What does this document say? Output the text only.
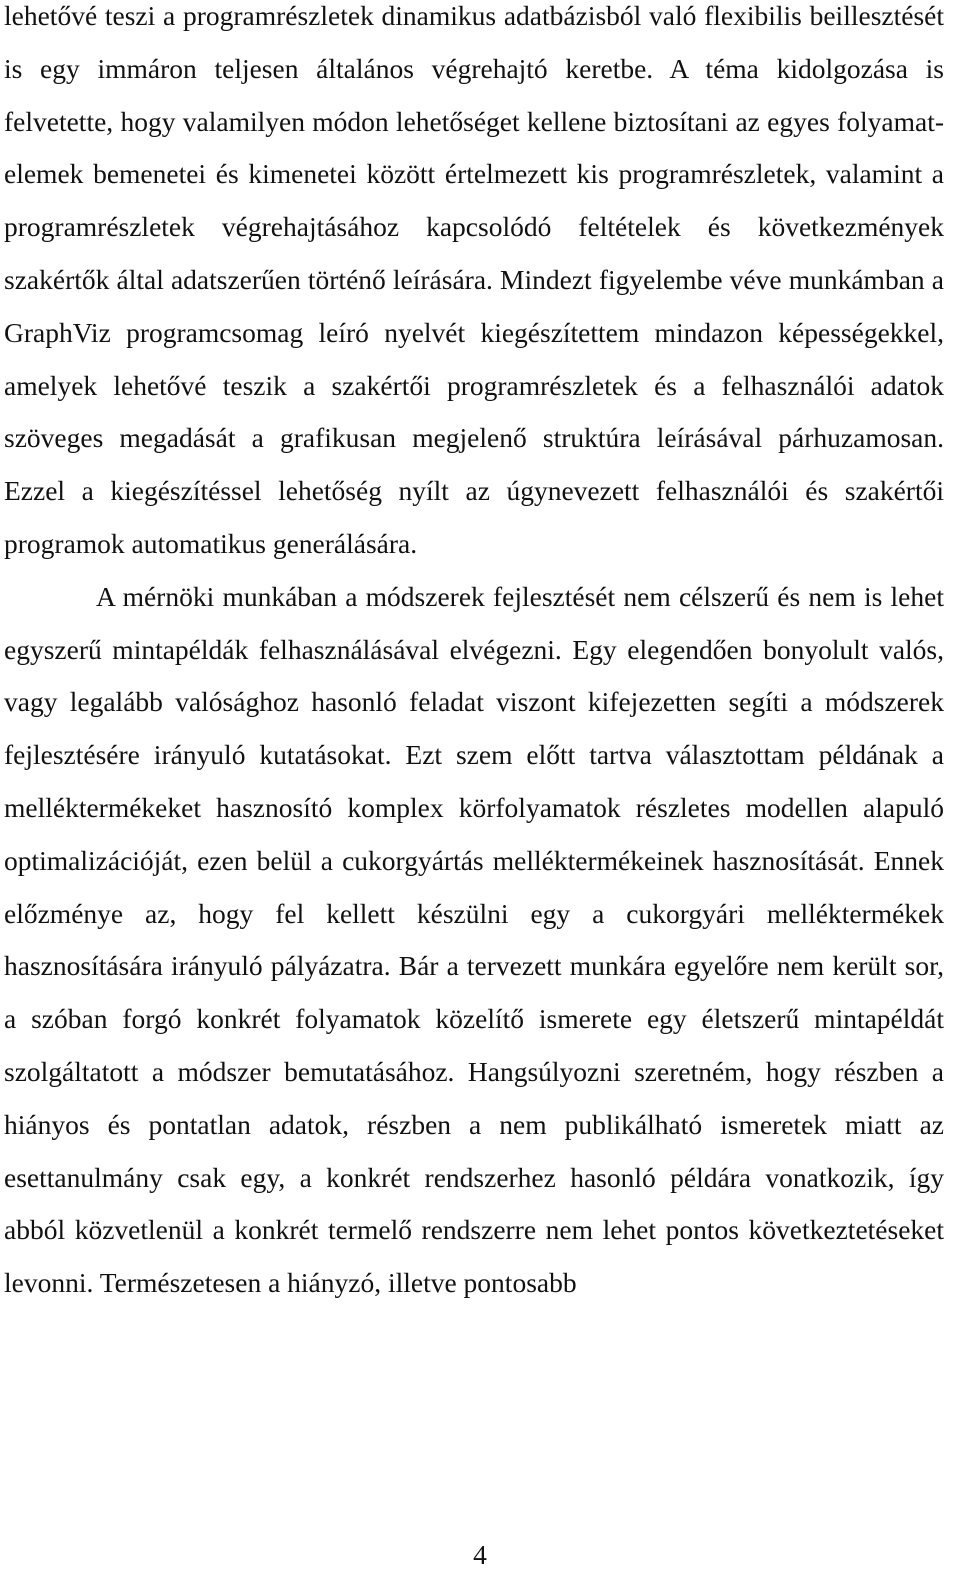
lehetővé teszi a programrészletek dinamikus adatbázisból való flexibilis beillesztését is egy immáron teljesen általános végrehajtó keretbe. A téma kidolgozása is felvetette, hogy valamilyen módon lehetőséget kellene biztosítani az egyes folyamat-elemek bemenetei és kimenetei között értelmezett kis programrészletek, valamint a programrészletek végrehajtásához kapcsolódó feltételek és következmények szakértők által adatszerűen történő leírására. Mindezt figyelembe véve munkámban a GraphViz programcsomag leíró nyelvét kiegészítettem mindazon képességekkel, amelyek lehetővé teszik a szakértői programrészletek és a felhasználói adatok szöveges megadását a grafikusan megjelenő struktúra leírásával párhuzamosan. Ezzel a kiegészítéssel lehetőség nyílt az úgynevezett felhasználói és szakértői programok automatikus generálására.

A mérnöki munkában a módszerek fejlesztését nem célszerű és nem is lehet egyszerű mintapéldák felhasználásával elvégezni. Egy elegendően bonyolult valós, vagy legalább valósághoz hasonló feladat viszont kifejezetten segíti a módszerek fejlesztésére irányuló kutatásokat. Ezt szem előtt tartva választottam példának a melléktermékeket hasznosító komplex körfolyamatok részletes modellen alapuló optimalizációját, ezen belül a cukorgyártás melléktermékeinek hasznosítását. Ennek előzménye az, hogy fel kellett készülni egy a cukorgyári melléktermékek hasznosítására irányuló pályázatra. Bár a tervezett munkára egyelőre nem került sor, a szóban forgó konkrét folyamatok közelítő ismerete egy életszerű mintapéldát szolgáltatott a módszer bemutatásához. Hangsúlyozni szeretném, hogy részben a hiányos és pontatlan adatok, részben a nem publikálható ismeretek miatt az esettanulmány csak egy, a konkrét rendszerhez hasonló példára vonatkozik, így abból közvetlenül a konkrét termelő rendszerre nem lehet pontos következtetéseket levonni. Természetesen a hiányzó, illetve pontosabb

4
